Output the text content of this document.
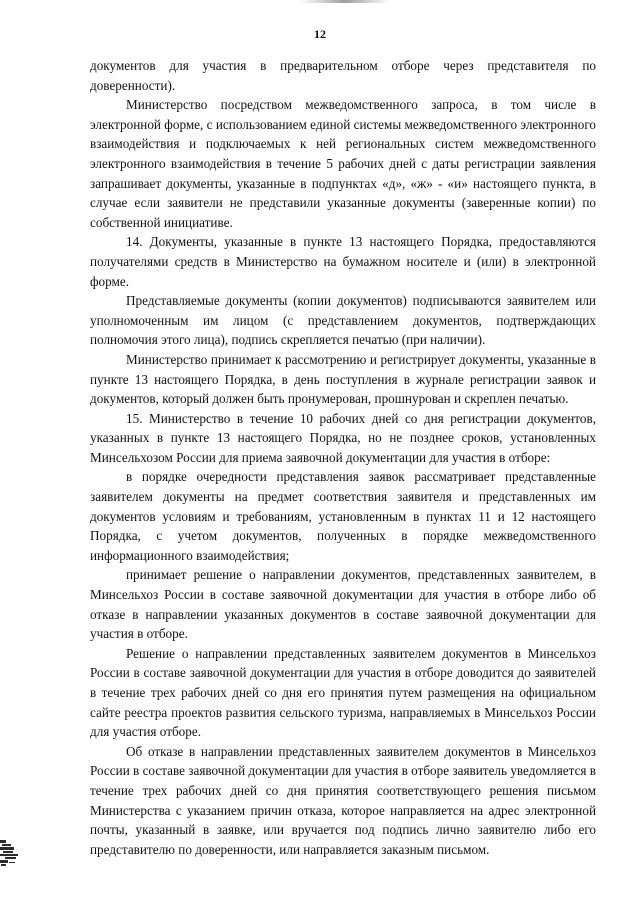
12

документов для участия в предварительном отборе через представителя по доверенности).

Министерство посредством межведомственного запроса, в том числе в электронной форме, с использованием единой системы межведомственного электронного взаимодействия и подключаемых к ней региональных систем межведомственного электронного взаимодействия в течение 5 рабочих дней с даты регистрации заявления запрашивает документы, указанные в подпунктах «д», «ж» - «и» настоящего пункта, в случае если заявители не представили указанные документы (заверенные копии) по собственной инициативе.

14. Документы, указанные в пункте 13 настоящего Порядка, предоставляются получателями средств в Министерство на бумажном носителе и (или) в электронной форме.

Представляемые документы (копии документов) подписываются заявителем или уполномоченным им лицом (с представлением документов, подтверждающих полномочия этого лица), подпись скрепляется печатью (при наличии).

Министерство принимает к рассмотрению и регистрирует документы, указанные в пункте 13 настоящего Порядка, в день поступления в журнале регистрации заявок и документов, который должен быть пронумерован, прошнурован и скреплен печатью.

15. Министерство в течение 10 рабочих дней со дня регистрации документов, указанных в пункте 13 настоящего Порядка, но не позднее сроков, установленных Минсельхозом России для приема заявочной документации для участия в отборе:

в порядке очередности представления заявок рассматривает представленные заявителем документы на предмет соответствия заявителя и представленных им документов условиям и требованиям, установленным в пунктах 11 и 12 настоящего Порядка, с учетом документов, полученных в порядке межведомственного информационного взаимодействия;

принимает решение о направлении документов, представленных заявителем, в Минсельхоз России в составе заявочной документации для участия в отборе либо об отказе в направлении указанных документов в составе заявочной документации для участия в отборе.

Решение о направлении представленных заявителем документов в Минсельхоз России в составе заявочной документации для участия в отборе доводится до заявителей в течение трех рабочих дней со дня его принятия путем размещения на официальном сайте реестра проектов развития сельского туризма, направляемых в Минсельхоз России для участия отборе.

Об отказе в направлении представленных заявителем документов в Минсельхоз России в составе заявочной документации для участия в отборе заявитель уведомляется в течение трех рабочих дней со дня принятия соответствующего решения письмом Министерства с указанием причин отказа, которое направляется на адрес электронной почты, указанный в заявке, или вручается под подпись лично заявителю либо его представителю по доверенности, или направляется заказным письмом.
